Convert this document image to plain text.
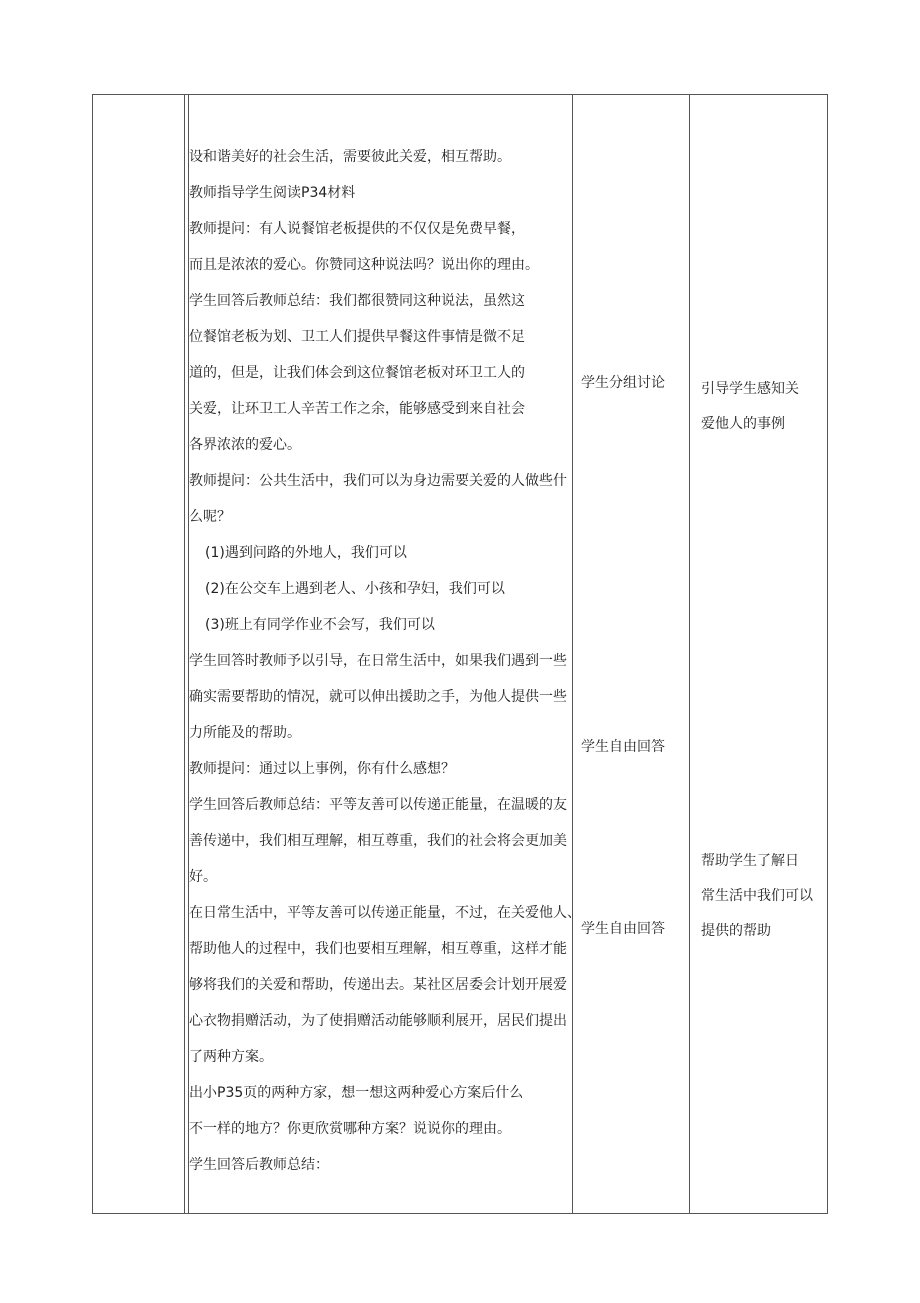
设和谐美好的社会生活，需要彼此关爱，相互帮助。
教师指导学生阅读P34材料
教师提问：有人说餐馆老板提供的不仅仅是免费早餐，
而且是浓浓的爱心。你赞同这种说法吗？说出你的理由。
学生回答后教师总结：我们都很赞同这种说法，虽然这
位餐馆老板为划、卫工人们提供早餐这件事情是微不足
道的，但是，让我们体会到这位餐馆老板对环卫工人的
关爱，让环卫工人辛苦工作之余，能够感受到来自社会
各界浓浓的爱心。
教师提问：公共生活中，我们可以为身边需要关爱的人做些什
么呢？
(1)遇到问路的外地人，我们可以
(2)在公交车上遇到老人、小孩和孕妇，我们可以
(3)班上有同学作业不会写，我们可以
学生回答时教师予以引导，在日常生活中，如果我们遇到一些
确实需要帮助的情况，就可以伸出援助之手，为他人提供一些
力所能及的帮助。
教师提问：通过以上事例，你有什么感想？
学生回答后教师总结：平等友善可以传递正能量，在温暖的友
善传递中，我们相互理解，相互尊重，我们的社会将会更加美
好。
在日常生活中，平等友善可以传递正能量，不过，在关爱他人、
帮助他人的过程中，我们也要相互理解，相互尊重，这样才能
够将我们的关爱和帮助，传递出去。某社区居委会计划开展爱
心衣物捐赠活动，为了使捐赠活动能够顺利展开，居民们提出
了两种方案。
出小P35页的两种方家，想一想这两种爱心方案后什么
不一样的地方？你更欣赏哪种方案？说说你的理由。
学生回答后教师总结：
学生分组讨论
学生自由回答
学生自由回答
引导学生感知关
爱他人的事例
帮助学生了解日
常生活中我们可以
提供的帮助
